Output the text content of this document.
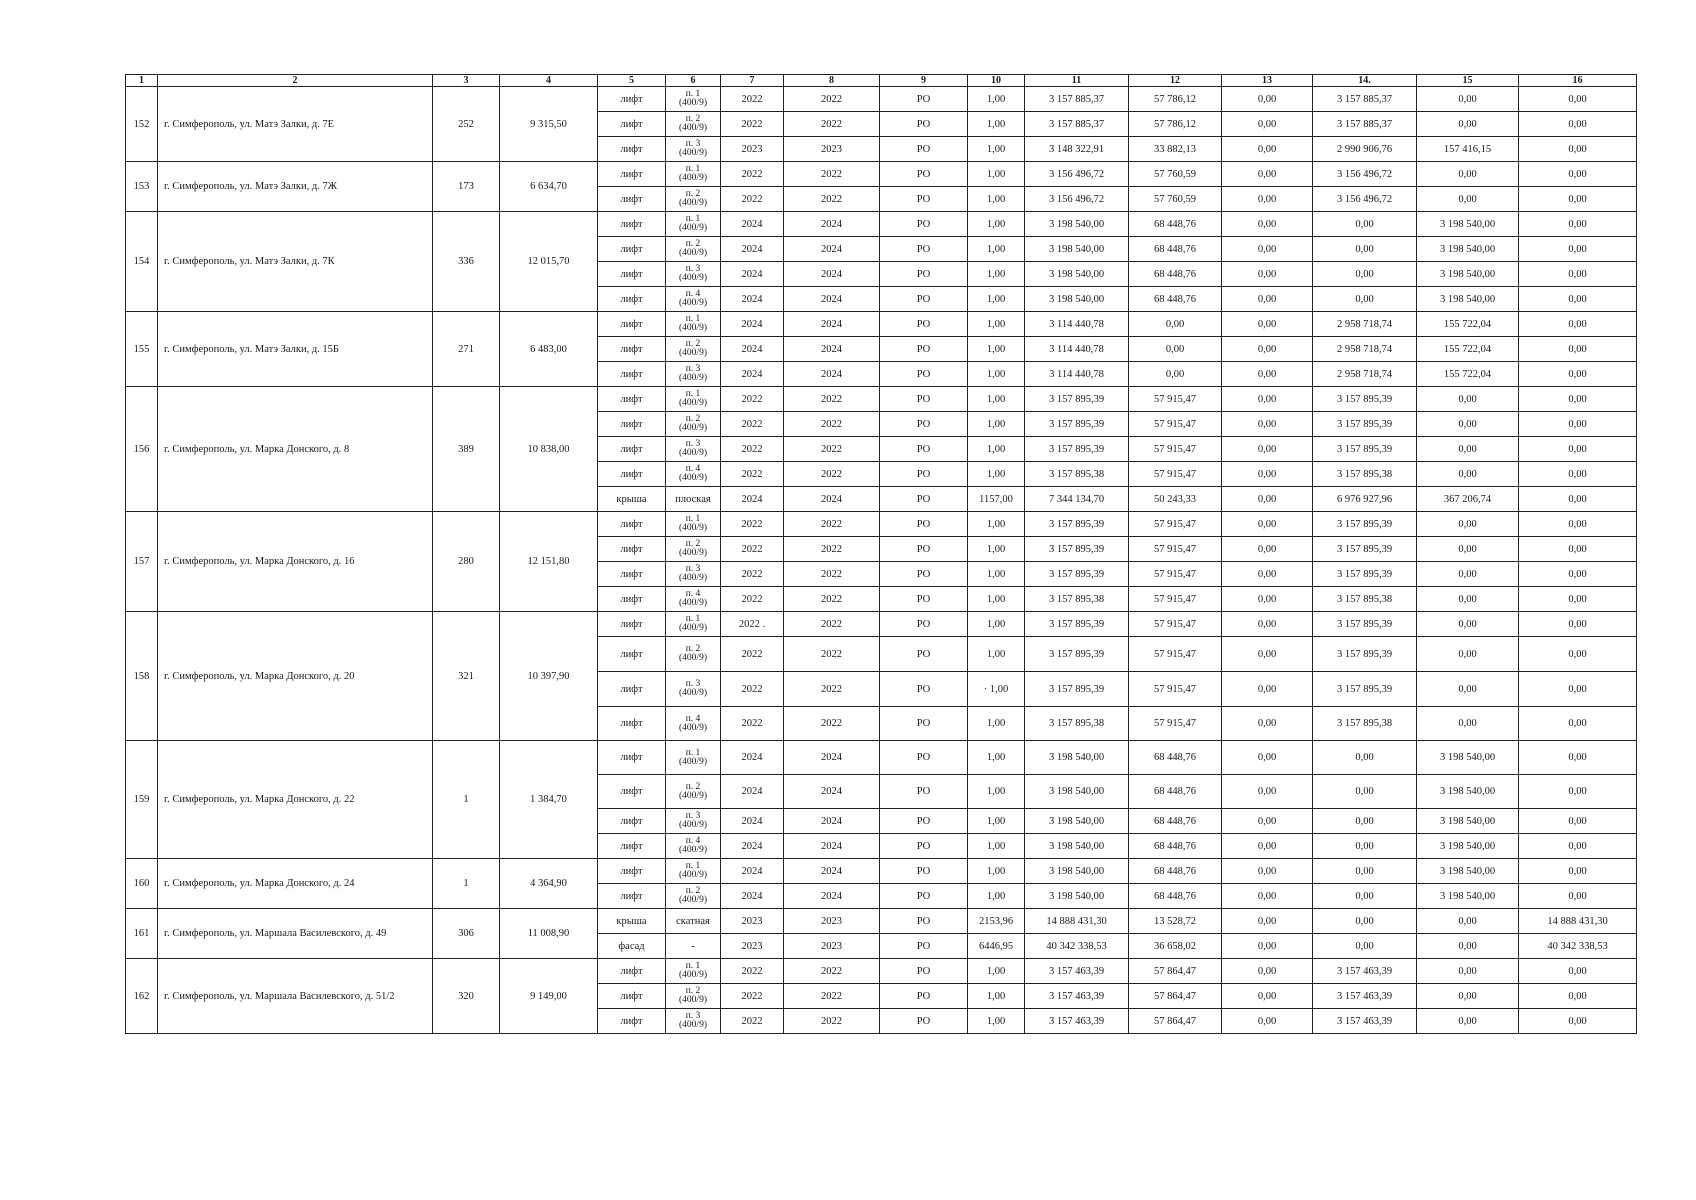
1	2	3	4	5	6	7	8	9	10	11	12	13	14.	15	16
152	г. Симферополь, ул. Матэ Залки, д. 7Е	252	9 315,50	лифт	п. 1
(400/9)	2022	2022	РО	1,00	3 157 885,37	57 786,12	0,00	3 157 885,37	0,00	0,00
				лифт	п. 2
(400/9)	2022	2022	РО	1,00	3 157 885,37	57 786,12	0,00	3 157 885,37	0,00	0,00
				лифт	п. 3
(400/9)	2023	2023	РО	1,00	3 148 322,91	33 882,13	0,00	2 990 906,76	157 416,15	0,00
153	г. Симферополь, ул. Матэ Залки, д. 7Ж	173	6 634,70	лифт	п. 1
(400/9)	2022	2022	РО	1,00	3 156 496,72	57 760,59	0,00	3 156 496,72	0,00	0,00
				лифт	п. 2
(400/9)	2022	2022	РО	1,00	3 156 496,72	57 760,59	0,00	3 156 496,72	0,00	0,00
154	г. Симферополь, ул. Матэ Залки, д. 7К	336	12 015,70	лифт	п. 1
(400/9)	2024	2024	РО	1,00	3 198 540,00	68 448,76	0,00	0,00	3 198 540,00	0,00
				лифт	п. 2
(400/9)	2024	2024	РО	1,00	3 198 540,00	68 448,76	0,00	0,00	3 198 540,00	0,00
				лифт	п. 3
(400/9)	2024	2024	РО	1,00	3 198 540,00	68 448,76	0,00	0,00	3 198 540,00	0,00
				лифт	п. 4
(400/9)	2024	2024	РО	1,00	3 198 540,00	68 448,76	0,00	0,00	3 198 540,00	0,00
155	г. Симферополь, ул. Матэ Залки, д. 15Б	271	6 483,00	лифт	п. 1
(400/9)	2024	2024	РО	1,00	3 114 440,78	0,00	0,00	2 958 718,74	155 722,04	0,00
				лифт	п. 2
(400/9)	2024	2024	РО	1,00	3 114 440,78	0,00	0,00	2 958 718,74	155 722,04	0,00
				лифт	п. 3
(400/9)	2024	2024	РО	1,00	3 114 440,78	0,00	0,00	2 958 718,74	155 722,04	0,00
156	г. Симферополь, ул. Марка Донского, д. 8	389	10 838,00	лифт	п. 1
(400/9)	2022	2022	РО	1,00	3 157 895,39	57 915,47	0,00	3 157 895,39	0,00	0,00
				лифт	п. 2
(400/9)	2022	2022	РО	1,00	3 157 895,39	57 915,47	0,00	3 157 895,39	0,00	0,00
				лифт	п. 3
(400/9)	2022	2022	РО	1,00	3 157 895,39	57 915,47	0,00	3 157 895,39	0,00	0,00
				лифт	п. 4
(400/9)	2022	2022	РО	1,00	3 157 895,38	57 915,47	0,00	3 157 895,38	0,00	0,00
				крыша	плоская	2024	2024	РО	1157,00	7 344 134,70	50 243,33	0,00	6 976 927,96	367 206,74	0,00
157	г. Симферополь, ул. Марка Донского, д. 16	280	12 151,80	лифт	п. 1
(400/9)	2022	2022	РО	1,00	3 157 895,39	57 915,47	0,00	3 157 895,39	0,00	0,00
				лифт	п. 2
(400/9)	2022	2022	РО	1,00	3 157 895,39	57 915,47	0,00	3 157 895,39	0,00	0,00
				лифт	п. 3
(400/9)	2022	2022	РО	1,00	3 157 895,39	57 915,47	0,00	3 157 895,39	0,00	0,00
				лифт	п. 4
(400/9)	2022	2022	РО	1,00	3 157 895,38	57 915,47	0,00	3 157 895,38	0,00	0,00
158	г. Симферополь, ул. Марка Донского, д. 20	321	10 397,90	лифт	п. 1
(400/9)	2022 .	2022	РО	1,00	3 157 895,39	57 915,47	0,00	3 157 895,39	0,00	0,00
				лифт	п. 2
(400/9)	2022	2022	РО	1,00	3 157 895,39	57 915,47	0,00	3 157 895,39	0,00	0,00
				лифт	п. 3
(400/9)	2022	2022	РО	· 1,00	3 157 895,39	57 915,47	0,00	3 157 895,39	0,00	0,00
				лифт	п. 4
(400/9)	2022	2022	РО	1,00	3 157 895,38	57 915,47	0,00	3 157 895,38	0,00	0,00
159	г. Симферополь, ул. Марка Донского, д. 22	1	1 384,70	лифт	п. 1
(400/9)	2024	2024	РО	1,00	3 198 540,00	68 448,76	0,00	0,00	3 198 540,00	0,00
				лифт	п. 2
(400/9)	2024	2024	РО	1,00	3 198 540,00	68 448,76	0,00	0,00	3 198 540,00	0,00
				лифт	п. 3
(400/9)	2024	2024	РО	1,00	3 198 540,00	68 448,76	0,00	0,00	3 198 540,00	0,00
				лифт	п. 4
(400/9)	2024	2024	РО	1,00	3 198 540,00	68 448,76	0,00	0,00	3 198 540,00	0,00
160	г. Симферополь, ул. Марка Донского, д. 24	1	4 364,90	лифт	п. 1
(400/9)	2024	2024	РО	1,00	3 198 540,00	68 448,76	0,00	0,00	3 198 540,00	0,00
				лифт	п. 2
(400/9)	2024	2024	РО	1,00	3 198 540,00	68 448,76	0,00	0,00	3 198 540,00	0,00
161	г. Симферополь, ул. Маршала Василевского, д. 49	306	11 008,90	крыша	скатная	2023	2023	РО	2153,96	14 888 431,30	13 528,72	0,00	0,00	0,00	14 888 431,30
				фасад	-	2023	2023	РО	6446,95	40 342 338,53	36 658,02	0,00	0,00	0,00	40 342 338,53
162	г. Симферополь, ул. Маршала Василевского, д. 51/2	320	9 149,00	лифт	п. 1
(400/9)	2022	2022	РО	1,00	3 157 463,39	57 864,47	0,00	3 157 463,39	0,00	0,00
				лифт	п. 2
(400/9)	2022	2022	РО	1,00	3 157 463,39	57 864,47	0,00	3 157 463,39	0,00	0,00
				лифт	п. 3
(400/9)	2022	2022	РО	1,00	3 157 463,39	57 864,47	0,00	3 157 463,39	0,00	0,00
